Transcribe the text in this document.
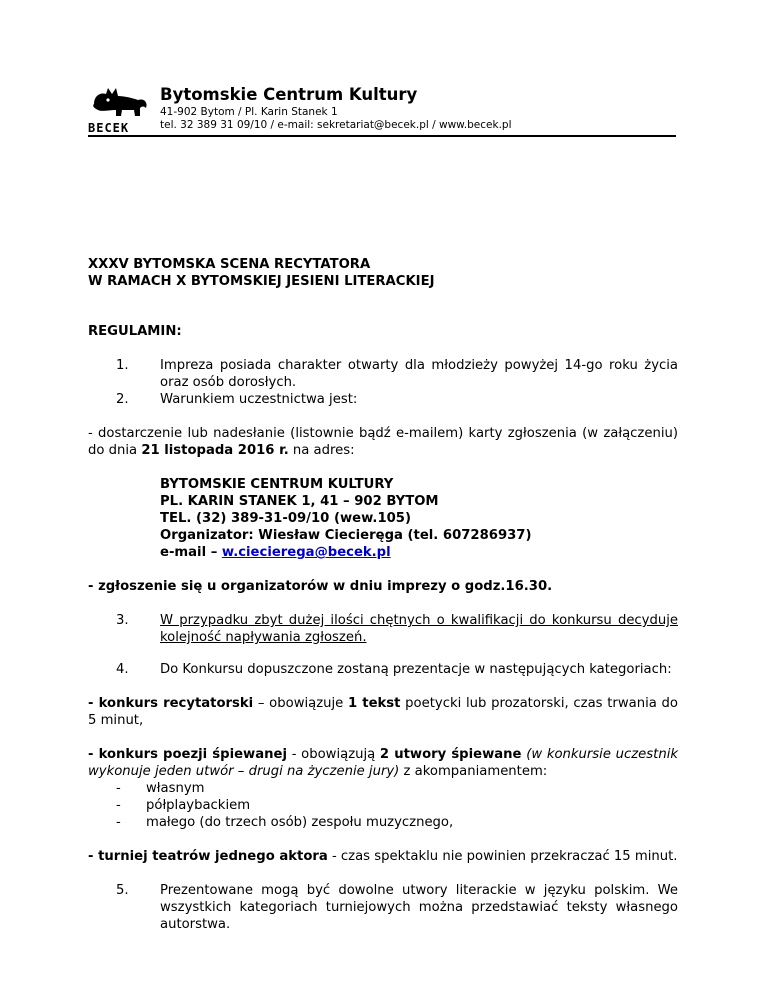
BECEK
Bytomskie Centrum Kultury
41-902 Bytom / Pl. Karin Stanek 1
tel. 32 389 31 09/10 / e-mail: sekretariat@becek.pl / www.becek.pl
XXXV BYTOMSKA SCENA RECYTATORA
W RAMACH X BYTOMSKIEJ JESIENI LITERACKIEJ
REGULAMIN:
1.	Impreza posiada charakter otwarty dla młodzieży powyżej 14-go roku życia oraz osób dorosłych.
2.	Warunkiem uczestnictwa jest:
- dostarczenie lub nadesłanie (listownie bądź e-mailem) karty zgłoszenia (w załączeniu) do dnia 21 listopada 2016 r. na adres:
BYTOMSKIE CENTRUM KULTURY
PL. KARIN STANEK 1, 41 – 902 BYTOM
TEL. (32) 389-31-09/10 (wew.105)
Organizator: Wiesław Ciecieręga (tel. 607286937)
e-mail – w.ciecierega@becek.pl
- zgłoszenie się u organizatorów w dniu imprezy o godz.16.30.
3.	W przypadku zbyt dużej ilości chętnych o kwalifikacji do konkursu decyduje kolejność napływania zgłoszeń.
4.	Do Konkursu dopuszczone zostaną prezentacje w następujących kategoriach:
- konkurs recytatorski – obowiązuje 1 tekst poetycki lub prozatorski, czas trwania do 5 minut,
- konkurs poezji śpiewanej - obowiązują 2 utwory śpiewane (w konkursie uczestnik wykonuje jeden utwór – drugi na życzenie jury) z akompaniamentem:
- własnym
- półplaybackiem
- małego (do trzech osób) zespołu muzycznego,
- turniej teatrów jednego aktora - czas spektaklu nie powinien przekraczać 15 minut.
5.	Prezentowane mogą być dowolne utwory literackie w języku polskim. We wszystkich kategoriach turniejowych można przedstawiać teksty własnego autorstwa.
